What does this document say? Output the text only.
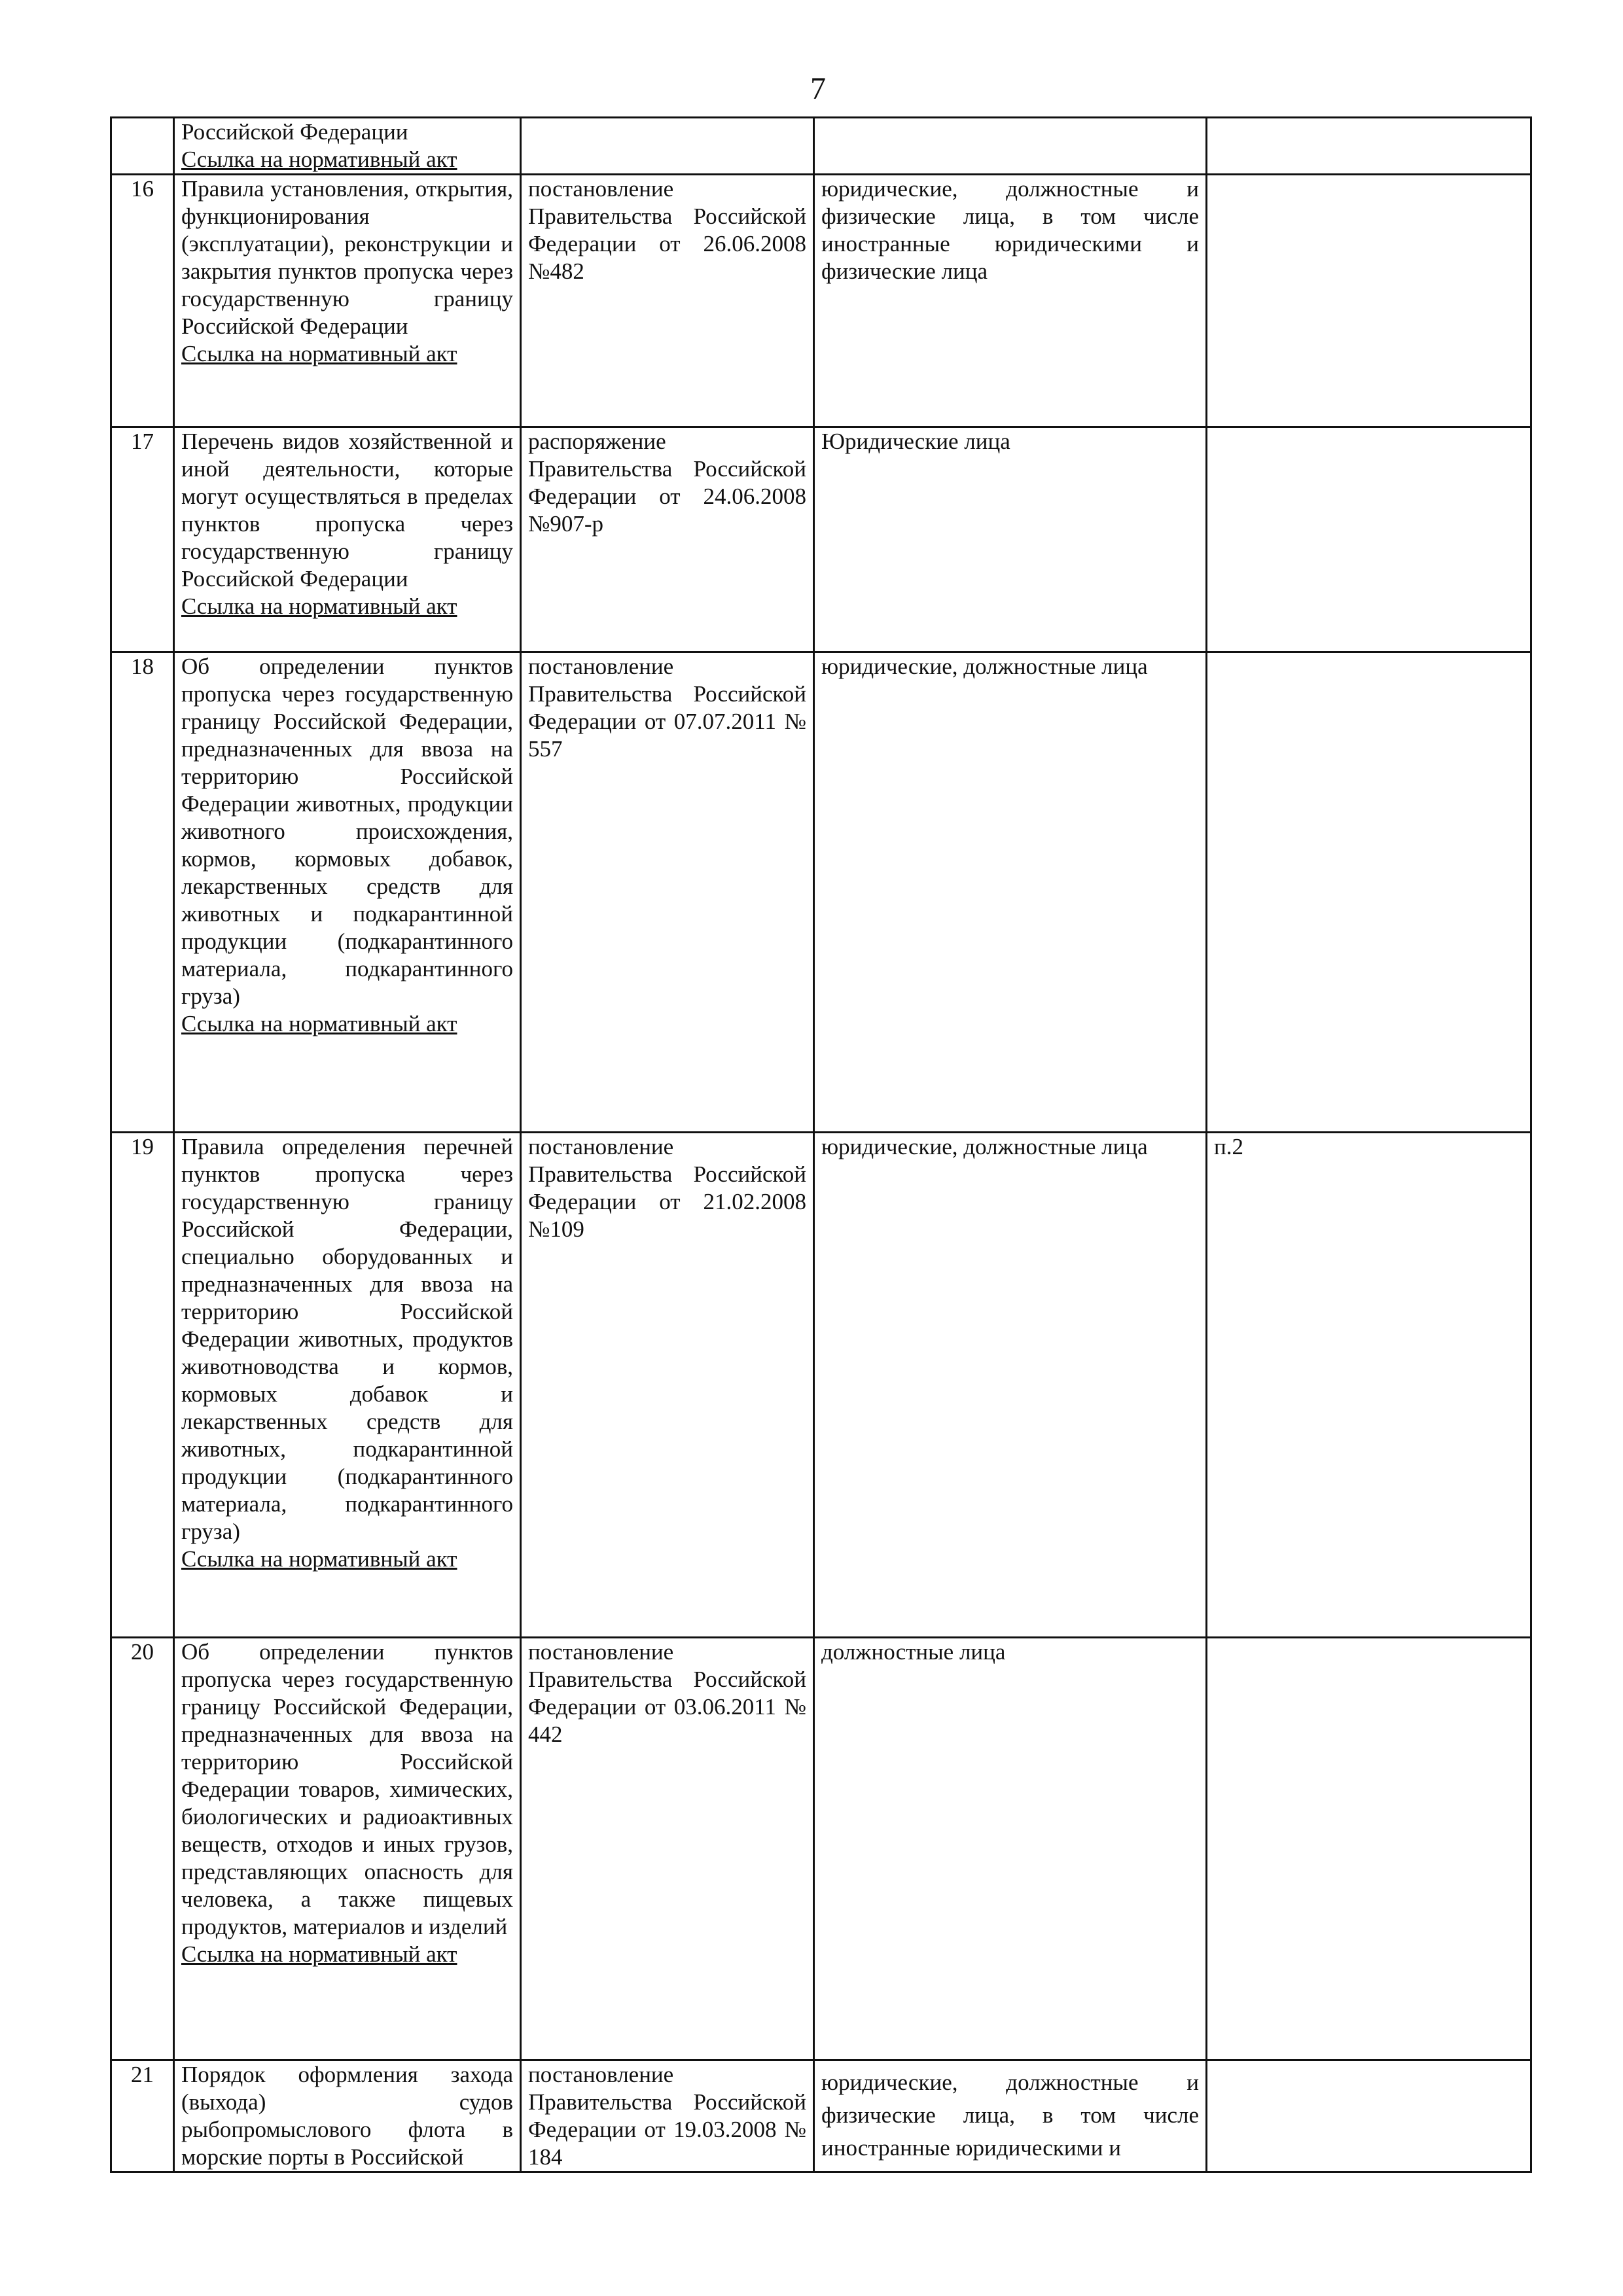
7

	Российской Федерации
Ссылка на нормативный акт			

16	Правила установления, открытия, функционирования (эксплуатации), реконструкции и закрытия пунктов пропуска через государственную границу Российской Федерации
Ссылка на нормативный акт	постановление Правительства Российской Федерации от 26.06.2008 №482	юридические, должностные и физические лица, в том числе иностранные юридическими и физические лица	

17	Перечень видов хозяйственной и иной деятельности, которые могут осуществляться в пределах пунктов пропуска через государственную границу Российской Федерации
Ссылка на нормативный акт	распоряжение Правительства Российской Федерации от 24.06.2008 №907-р	Юридические лица	

18	Об определении пунктов пропуска через государственную границу Российской Федерации, предназначенных для ввоза на территорию Российской Федерации животных, продукции животного происхождения, кормов, кормовых добавок, лекарственных средств для животных и подкарантинной продукции (подкарантинного материала, подкарантинного груза)
Ссылка на нормативный акт	постановление Правительства Российской Федерации от 07.07.2011 № 557	юридические, должностные лица	

19	Правила определения перечней пунктов пропуска через государственную границу Российской Федерации, специально оборудованных и предназначенных для ввоза на территорию Российской Федерации животных, продуктов животноводства и кормов, кормовых добавок и лекарственных средств для животных, подкарантинной продукции (подкарантинного материала, подкарантинного груза)
Ссылка на нормативный акт	постановление Правительства Российской Федерации от 21.02.2008 №109	юридические, должностные лица	п.2
20	Об определении пунктов пропуска через государственную границу Российской Федерации, предназначенных для ввоза на территорию Российской Федерации товаров, химических, биологических и радиоактивных веществ, отходов и иных грузов, представляющих опасность для человека, а также пищевых продуктов, материалов и изделий
Ссылка на нормативный акт	постановление Правительства Российской Федерации от 03.06.2011 № 442	должностные лица	

21	Порядок оформления захода (выхода) судов рыбопромыслового флота в морские порты в Российской	постановление Правительства Российской Федерации от 19.03.2008 № 184	юридические, должностные и физические лица, в том числе иностранные юридическими и	
